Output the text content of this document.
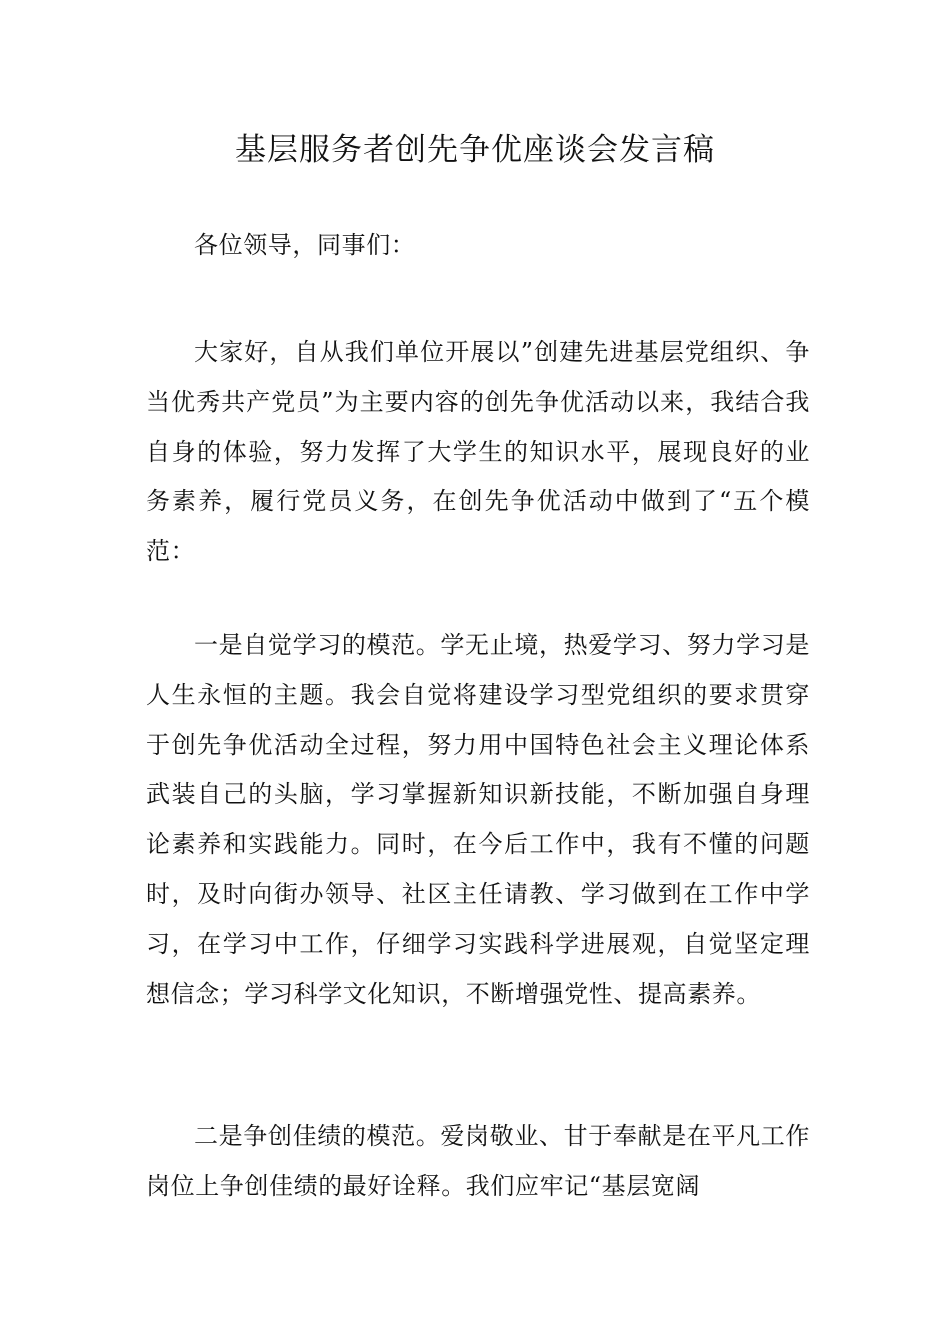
基层服务者创先争优座谈会发言稿

各位领导，同事们：

大家好，自从我们单位开展以”创建先进基层党组织、争当优秀共产党员”为主要内容的创先争优活动以来，我结合我自身的体验，努力发挥了大学生的知识水平，展现良好的业务素养，履行党员义务，在创先争优活动中做到了“五个模范：

一是自觉学习的模范。学无止境，热爱学习、努力学习是人生永恒的主题。我会自觉将建设学习型党组织的要求贯穿于创先争优活动全过程，努力用中国特色社会主义理论体系武装自己的头脑，学习掌握新知识新技能，不断加强自身理论素养和实践能力。同时，在今后工作中，我有不懂的问题时，及时向街办领导、社区主任请教、学习做到在工作中学习，在学习中工作，仔细学习实践科学进展观，自觉坚定理想信念；学习科学文化知识，不断增强党性、提高素养。

二是争创佳绩的模范。爱岗敬业、甘于奉献是在平凡工作岗位上争创佳绩的最好诠释。我们应牢记“基层宽阔
